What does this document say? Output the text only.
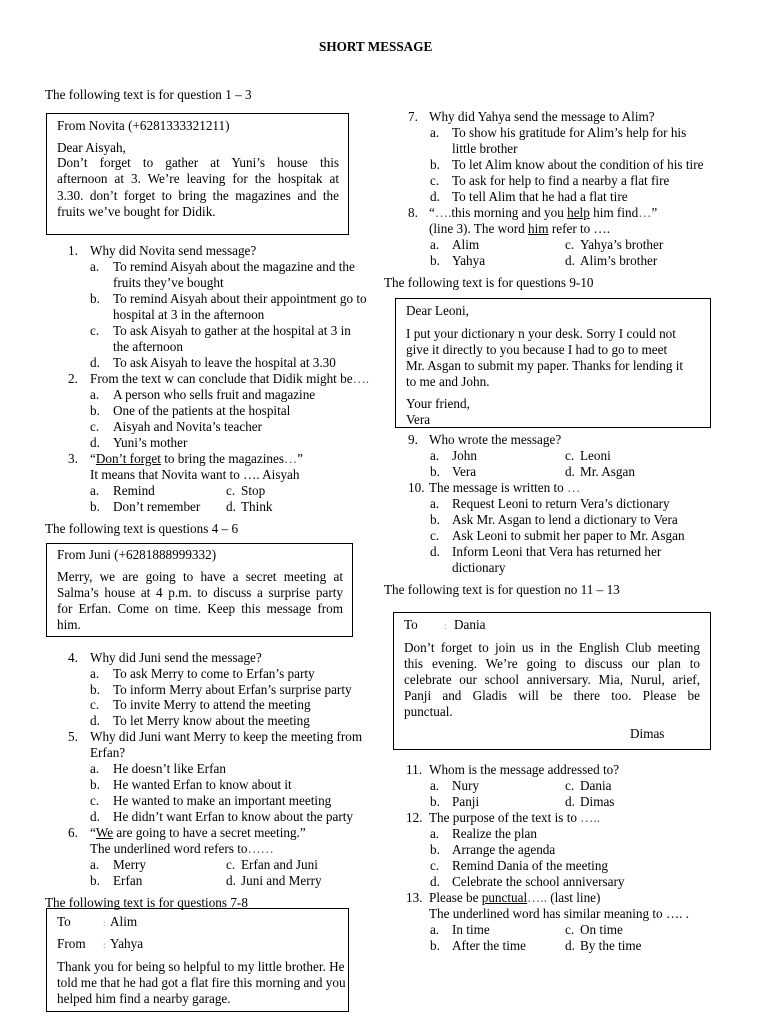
SHORT MESSAGE
The following text is for question 1 – 3
From Novita (+6281333321211)
Dear Aisyah,
Don’t forget to gather at Yuni’s house this
afternoon at 3. We’re leaving for the hospitak at
3.30. don’t forget to bring the magazines and the
fruits we’ve bought for Didik.
1. Why did Novita send message?
a. To remind Aisyah about the magazine and the
fruits they’ve bought
b. To remind Aisyah about their appointment go to
hospital at 3 in the afternoon
c. To ask Aisyah to gather at the hospital at 3 in
the afternoon
d. To ask Aisyah to leave the hospital at 3.30
2. From the text w can conclude that Didik might be….
a. A person who sells fruit and magazine
b. One of the patients at the hospital
c. Aisyah and Novita’s teacher
d. Yuni’s mother
3. “Don’t forget to bring the magazines…”
It means that Novita want to …. Aisyah
a. Remind	c. Stop
b. Don’t remember d. Think
The following text is questions 4 – 6
From Juni (+6281888999332)
Merry, we are going to have a secret meeting at
Salma’s house at 4 p.m. to discuss a surprise party
for Erfan. Come on time. Keep this message from
him.
4. Why did Juni send the message?
a. To ask Merry to come to Erfan’s party
b. To inform Merry about Erfan’s surprise party
c. To invite Merry to attend the meeting
d. To let Merry know about the meeting
5. Why did Juni want Merry to keep the meeting from
Erfan?
a. He doesn’t like Erfan
b. He wanted Erfan to know about it
c. He wanted to make an important meeting
d. He didn’t want Erfan to know about the party
6. “We are going to have a secret meeting.”
The underlined word refers to……
a. Merry	c. Erfan and Juni
b. Erfan	d. Juni and Merry
The following text is for questions 7-8
To	: Alim
From : Yahya
Thank you for being so helpful to my little brother. He
told me that he had got a flat fire this morning and you
helped him find a nearby garage.
7. Why did Yahya send the message to Alim?
a. To show his gratitude for Alim’s help for his
little brother
b. To let Alim know about the condition of his tire
c. To ask for help to find a nearby a flat fire
d. To tell Alim that he had a flat tire
8. “….this morning and you help him find…”
(line 3). The word him refer to ….
a. Alim	c. Yahya’s brother
b. Yahya	d. Alim’s brother
The following text is for questions 9-10
Dear Leoni,
I put your dictionary n your desk. Sorry I could not
give it directly to you because I had to go to meet
Mr. Asgan to submit my paper. Thanks for lending it
to me and John.
Your friend,
Vera
9. Who wrote the message?
a. John	c. Leoni
b. Vera	d. Mr. Asgan
10. The message is written to …
a. Request Leoni to return Vera’s dictionary
b. Ask Mr. Asgan to lend a dictionary to Vera
c. Ask Leoni to submit her paper to Mr. Asgan
d. Inform Leoni that Vera has returned her
dictionary
The following text is for question no 11 – 13
To	: Dania
Don’t forget to join us in the English Club meeting
this evening. We’re going to discuss our plan to
celebrate our school anniversary. Mia, Nurul, arief,
Panji and Gladis will be there too. Please be
punctual.
Dimas
11. Whom is the message addressed to?
a. Nury	c. Dania
b. Panji	d. Dimas
12. The purpose of the text is to …..
a. Realize the plan
b. Arrange the agenda
c. Remind Dania of the meeting
d. Celebrate the school anniversary
13. Please be punctual….. (last line)
The underlined word has similar meaning to …. .
a. In time	c. On time
b. After the time	d. By the time
